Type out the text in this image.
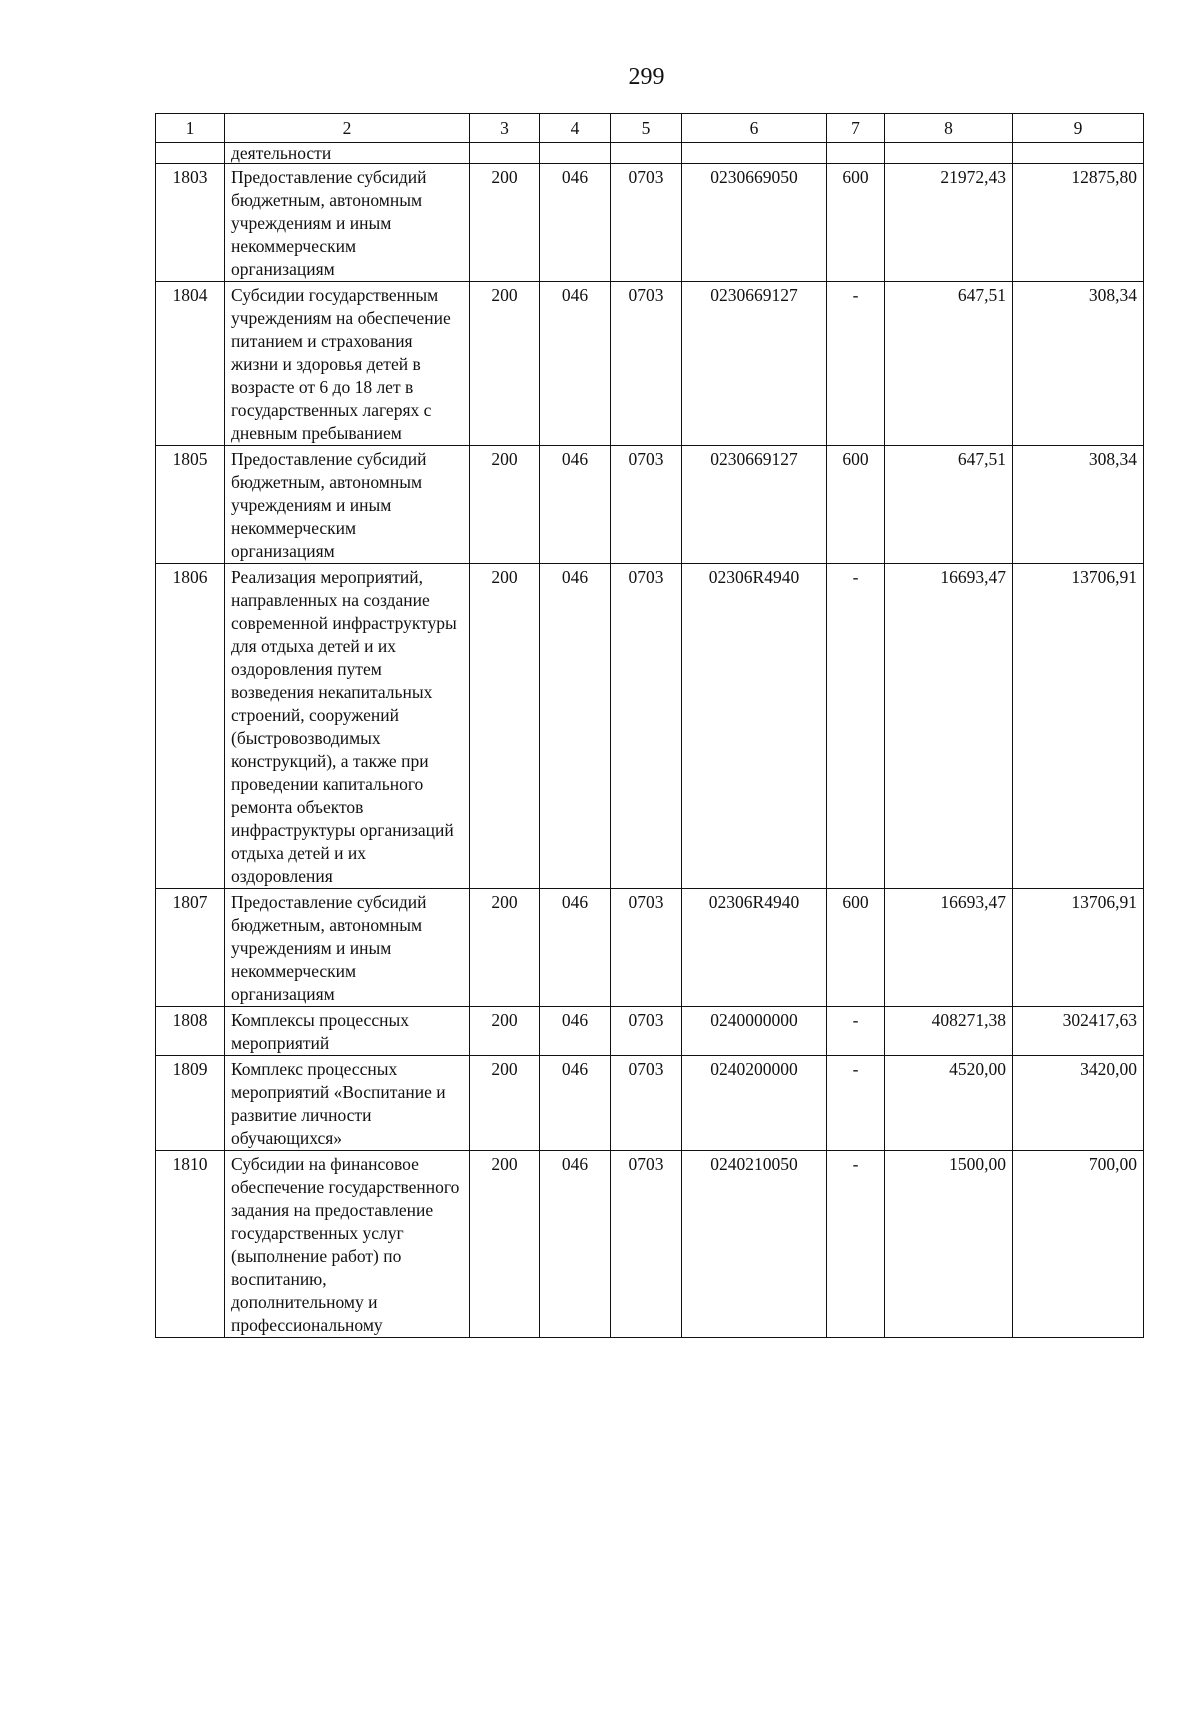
299
1	2	3	4	5	6	7	8	9
	деятельности							
1803	Предоставление субсидий бюджетным, автономным учреждениям и иным некоммерческим организациям	200	046	0703	0230669050	600	21972,43	12875,80
1804	Субсидии государственным учреждениям на обеспечение питанием и страхования жизни и здоровья детей в возрасте от 6 до 18 лет в государственных лагерях с дневным пребыванием	200	046	0703	0230669127	-	647,51	308,34
1805	Предоставление субсидий бюджетным, автономным учреждениям и иным некоммерческим организациям	200	046	0703	0230669127	600	647,51	308,34
1806	Реализация мероприятий, направленных на создание современной инфраструктуры для отдыха детей и их оздоровления путем возведения некапитальных строений, сооружений (быстровозводимых конструкций), а также при проведении капитального ремонта объектов инфраструктуры организаций отдыха детей и их оздоровления	200	046	0703	02306R4940	-	16693,47	13706,91
1807	Предоставление субсидий бюджетным, автономным учреждениям и иным некоммерческим организациям	200	046	0703	02306R4940	600	16693,47	13706,91
1808	Комплексы процессных мероприятий	200	046	0703	0240000000	-	408271,38	302417,63
1809	Комплекс процессных мероприятий «Воспитание и развитие личности обучающихся»	200	046	0703	0240200000	-	4520,00	3420,00
1810	Субсидии на финансовое обеспечение государственного задания на предоставление государственных услуг (выполнение работ) по воспитанию, дополнительному и профессиональному	200	046	0703	0240210050	-	1500,00	700,00
